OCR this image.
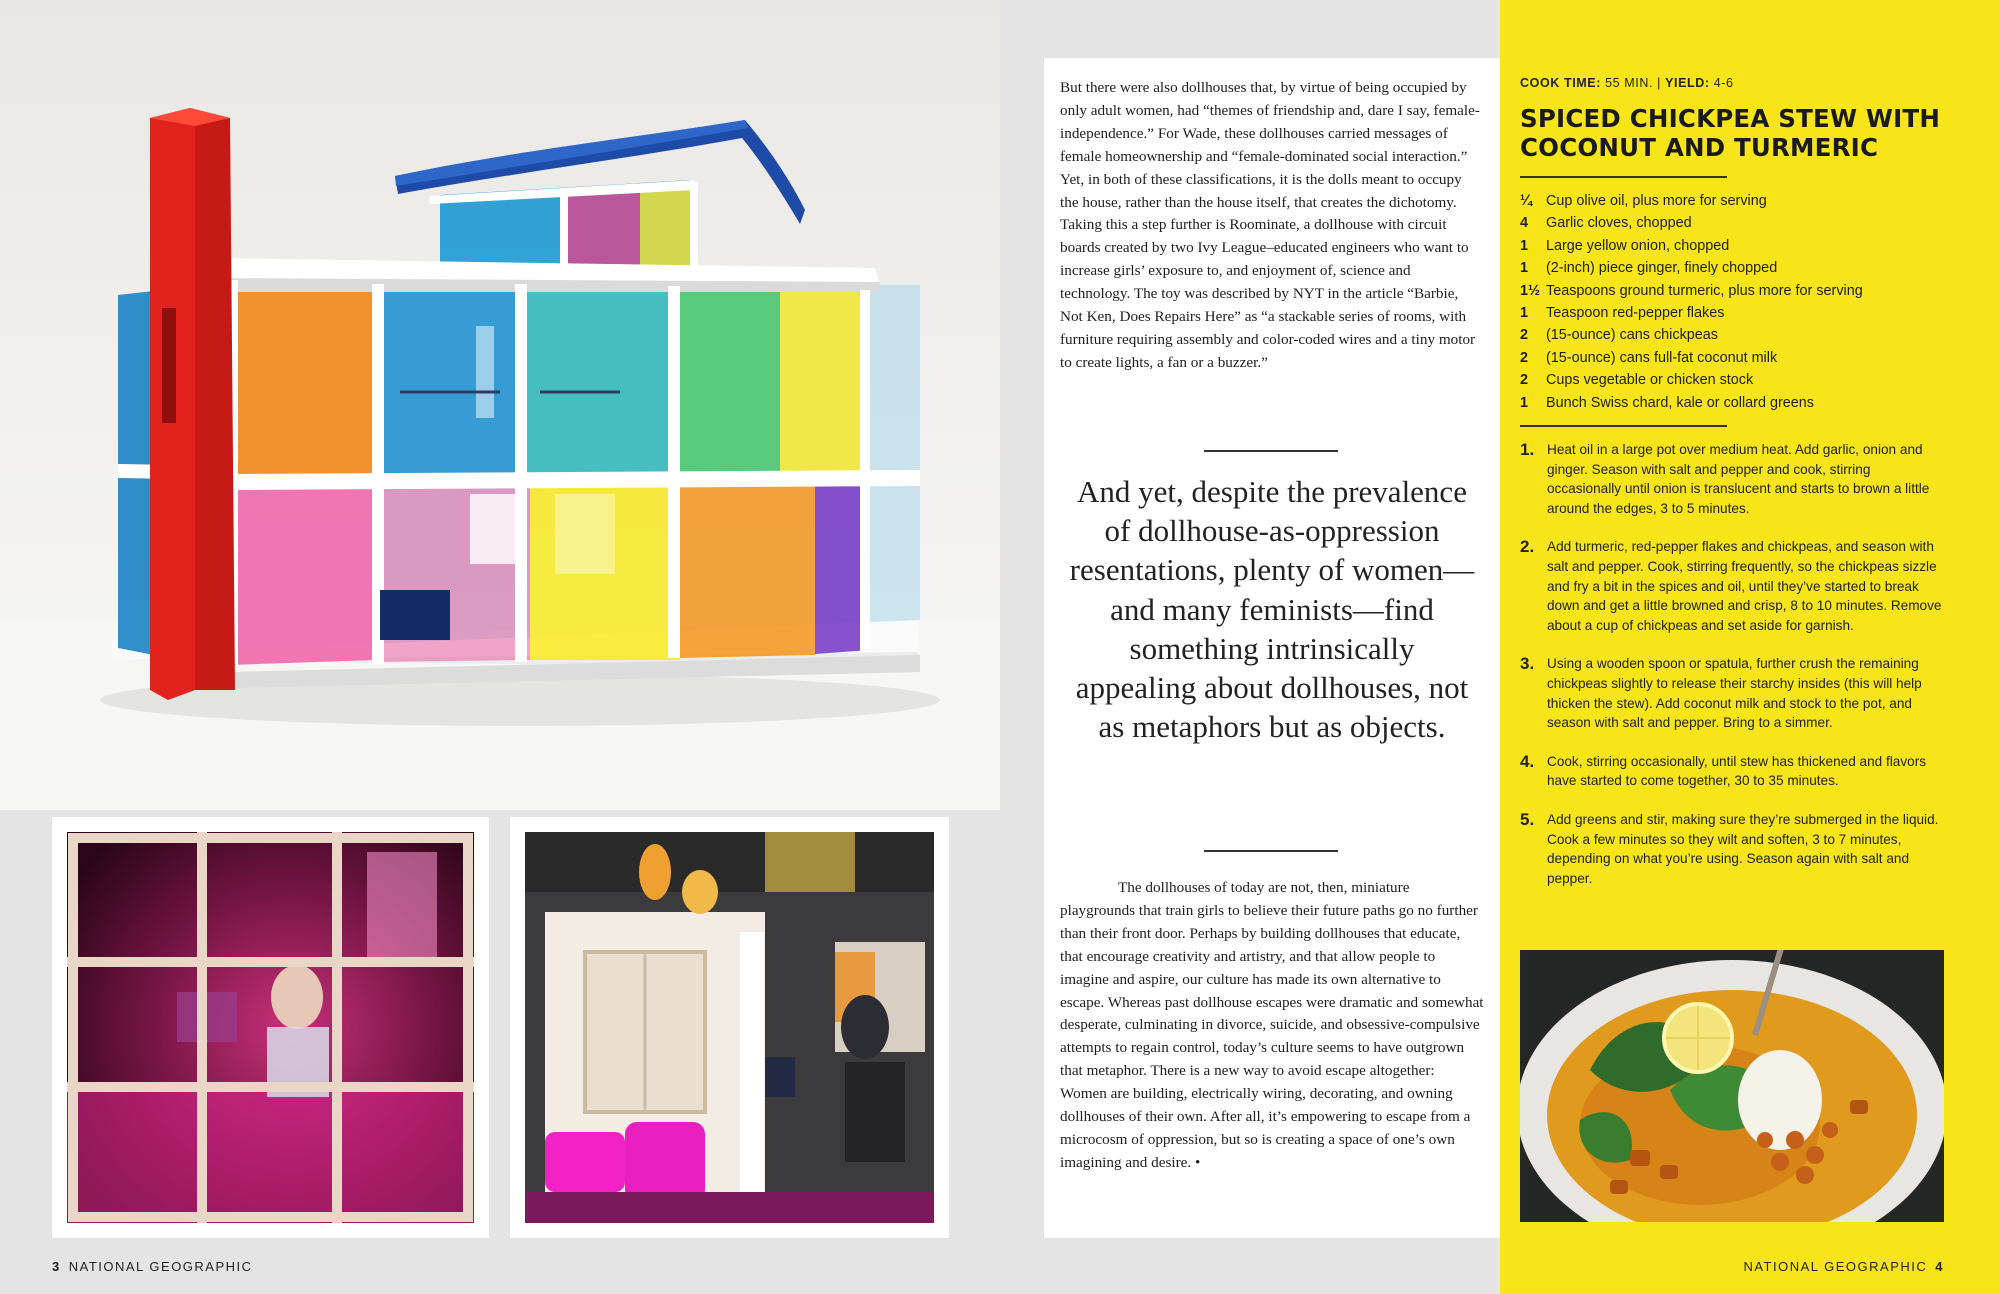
3 NATIONAL GEOGRAPHIC

But there were also dollhouses that, by virtue of being occupied by only adult women, had “themes of friendship and, dare I say, female-independence.” For Wade, these dollhouses carried messages of female homeownership and “female-dominated social interaction.” Yet, in both of these classifications, it is the dolls meant to occupy the house, rather than the house itself, that creates the dichotomy. Taking this a step further is Roominate, a dollhouse with circuit boards created by two Ivy League–educated engineers who want to increase girls’ exposure to, and enjoyment of, science and technology. The toy was described by NYT in the article “Barbie, Not Ken, Does Repairs Here” as “a stackable series of rooms, with furniture requiring assembly and color-coded wires and a tiny motor to create lights, a fan or a buzzer.”

And yet, despite the prevalence of dollhouse-as-oppression resentations, plenty of women—and many feminists—find something intrinsically appealing about dollhouses, not as metaphors but as objects.

The dollhouses of today are not, then, miniature playgrounds that train girls to believe their future paths go no further than their front door. Perhaps by building dollhouses that educate, that encourage creativity and artistry, and that allow people to imagine and aspire, our culture has made its own alternative to escape. Whereas past dollhouse escapes were dramatic and somewhat desperate, culminating in divorce, suicide, and obsessive-compulsive attempts to regain control, today’s culture seems to have outgrown that metaphor. There is a new way to avoid escape altogether: Women are building, electrically wiring, decorating, and owning dollhouses of their own. After all, it’s empowering to escape from a microcosm of oppression, but so is creating a space of one’s own imagining and desire. •

COOK TIME: 55 MIN. | YIELD: 4-6
SPICED CHICKPEA STEW WITH COCONUT AND TURMERIC
¼ Cup olive oil, plus more for serving
4	Garlic cloves, chopped
1	Large yellow onion, chopped
1	(2-inch) piece ginger, finely chopped
1½ Teaspoons ground turmeric, plus more for serving
1	Teaspoon red-pepper flakes
2	(15-ounce) cans chickpeas
2	(15-ounce) cans full-fat coconut milk
2	Cups vegetable or chicken stock
1	Bunch Swiss chard, kale or collard greens
1. Heat oil in a large pot over medium heat. Add garlic, onion and ginger. Season with salt and pepper and cook, stirring occasionally until onion is translucent and starts to brown a little around the edges, 3 to 5 minutes.
2. Add turmeric, red-pepper flakes and chickpeas, and season with salt and pepper. Cook, stirring frequently, so the chickpeas sizzle and fry a bit in the spices and oil, until they’ve started to break down and get a little browned and crisp, 8 to 10 minutes. Remove about a cup of chickpeas and set aside for garnish.
3. Using a wooden spoon or spatula, further crush the remaining chickpeas slightly to release their starchy insides (this will help thicken the stew). Add coconut milk and stock to the pot, and season with salt and pepper. Bring to a simmer.
4. Cook, stirring occasionally, until stew has thickened and flavors have started to come together, 30 to 35 minutes.
5. Add greens and stir, making sure they’re submerged in the liquid. Cook a few minutes so they wilt and soften, 3 to 7 minutes, depending on what you’re using. Season again with salt and pepper.
NATIONAL GEOGRAPHIC 4
